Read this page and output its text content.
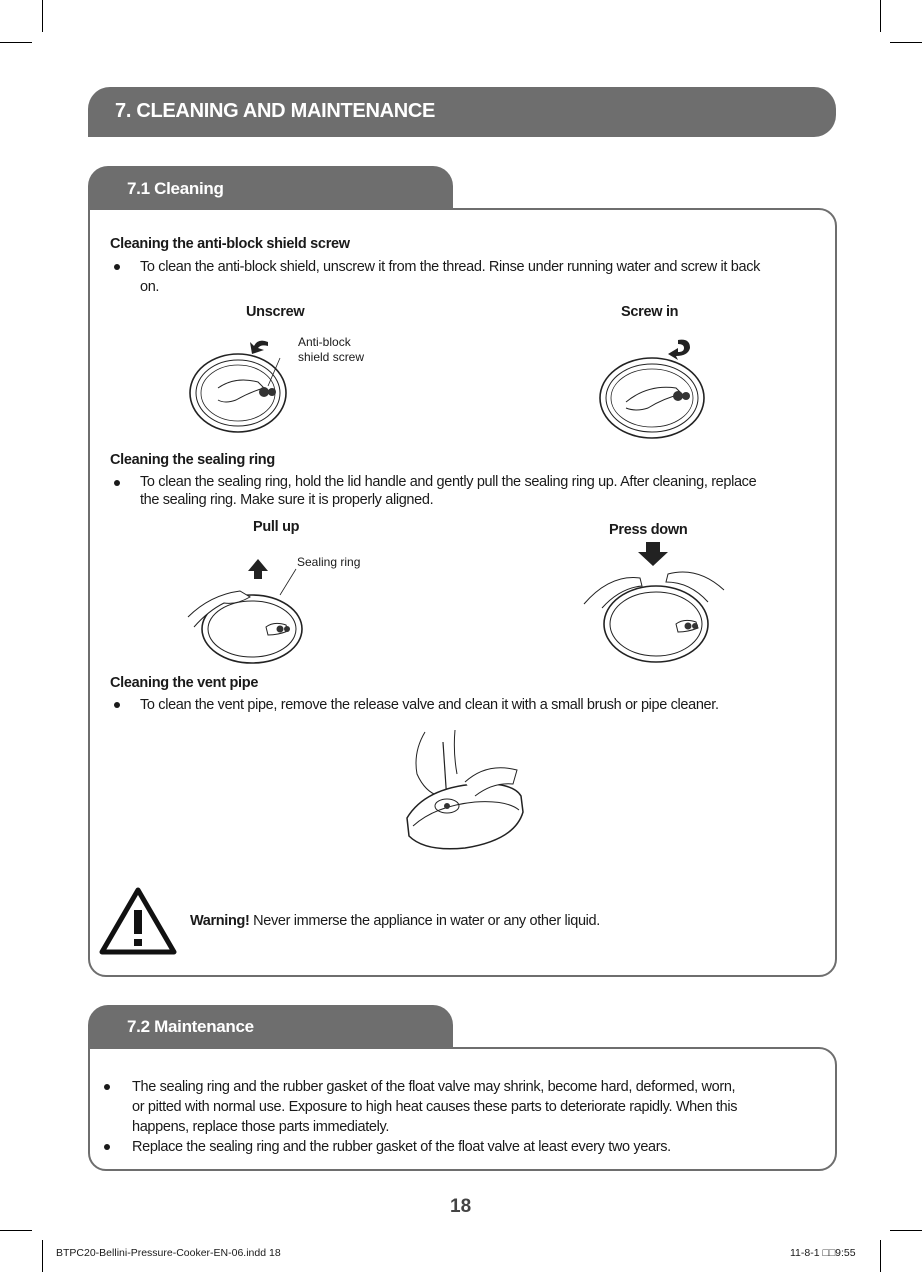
7. CLEANING AND MAINTENANCE
7.1 Cleaning
Cleaning the anti-block shield screw
To clean the anti-block shield, unscrew it from the thread. Rinse under running water and screw it back
on.
Unscrew	Screw in
Anti-block
shield screw
Cleaning the sealing ring
To clean the sealing ring, hold the lid handle and gently pull the sealing ring up. After cleaning, replace
the sealing ring. Make sure it is properly aligned.
Pull up	Press down
Sealing ring
Cleaning the vent pipe
To clean the vent pipe, remove the release valve and clean it with a small brush or pipe cleaner.
Warning! Never immerse the appliance in water or any other liquid.
7.2 Maintenance
The sealing ring and the rubber gasket of the float valve may shrink, become hard, deformed, worn,
or pitted with normal use. Exposure to high heat causes these parts to deteriorate rapidly. When this
happens, replace those parts immediately.
Replace the sealing ring and the rubber gasket of the float valve at least every two years.
18
BTPC20-Bellini-Pressure-Cooker-EN-06.indd 18	11-8-1 □□9:55
